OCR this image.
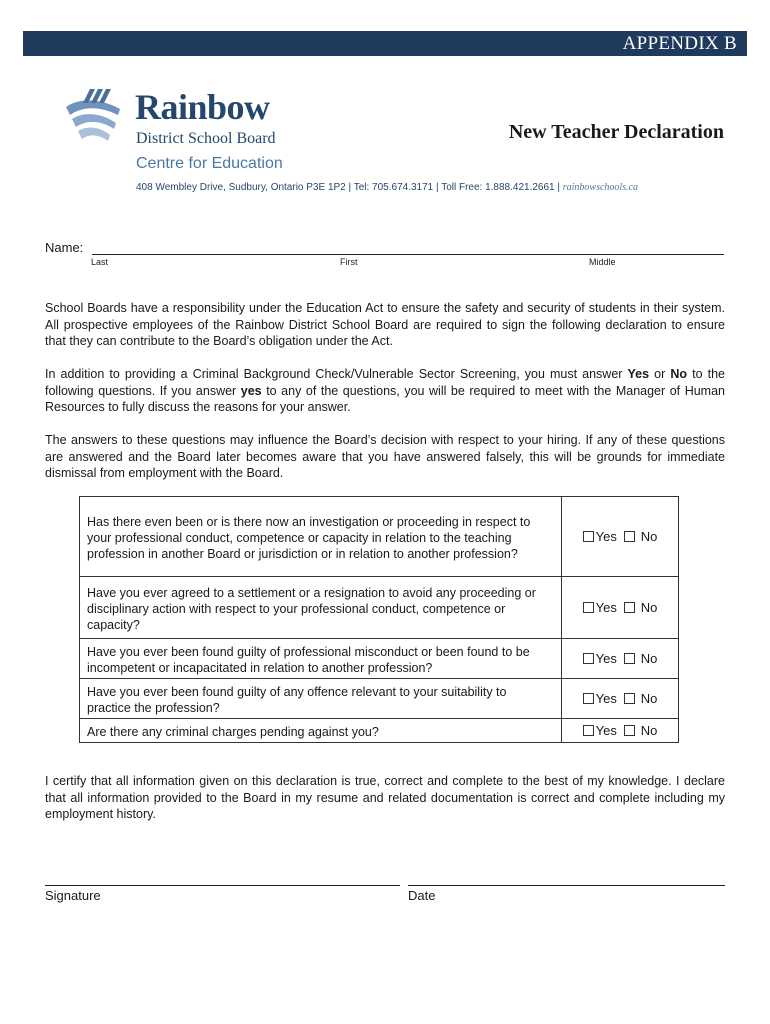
APPENDIX B
Rainbow
District School Board
Centre for Education
408 Wembley Drive, Sudbury, Ontario P3E 1P2 | Tel: 705.674.3171 | Toll Free: 1.888.421.2661 | rainbowschools.ca
New Teacher Declaration
Name:
Last	First	Middle
School Boards have a responsibility under the Education Act to ensure the safety and security of students in their system. All prospective employees of the Rainbow District School Board are required to sign the following declaration to ensure that they can contribute to the Board’s obligation under the Act.
In addition to providing a Criminal Background Check/Vulnerable Sector Screening, you must answer Yes or No to the following questions. If you answer yes to any of the questions, you will be required to meet with the Manager of Human Resources to fully discuss the reasons for your answer.
The answers to these questions may influence the Board’s decision with respect to your hiring. If any of these questions are answered and the Board later becomes aware that you have answered falsely, this will be grounds for immediate dismissal from employment with the Board.
Has there even been or is there now an investigation or proceeding in respect to your professional conduct, competence or capacity in relation to the teaching profession in another Board or jurisdiction or in relation to another profession?	Yes No
Have you ever agreed to a settlement or a resignation to avoid any proceeding or disciplinary action with respect to your professional conduct, competence or capacity?	Yes No
Have you ever been found guilty of professional misconduct or been found to be incompetent or incapacitated in relation to another profession?	Yes No
Have you ever been found guilty of any offence relevant to your suitability to practice the profession?	Yes No
Are there any criminal charges pending against you?	Yes No
I certify that all information given on this declaration is true, correct and complete to the best of my knowledge. I declare that all information provided to the Board in my resume and related documentation is correct and complete including my employment history.
Signature	Date
